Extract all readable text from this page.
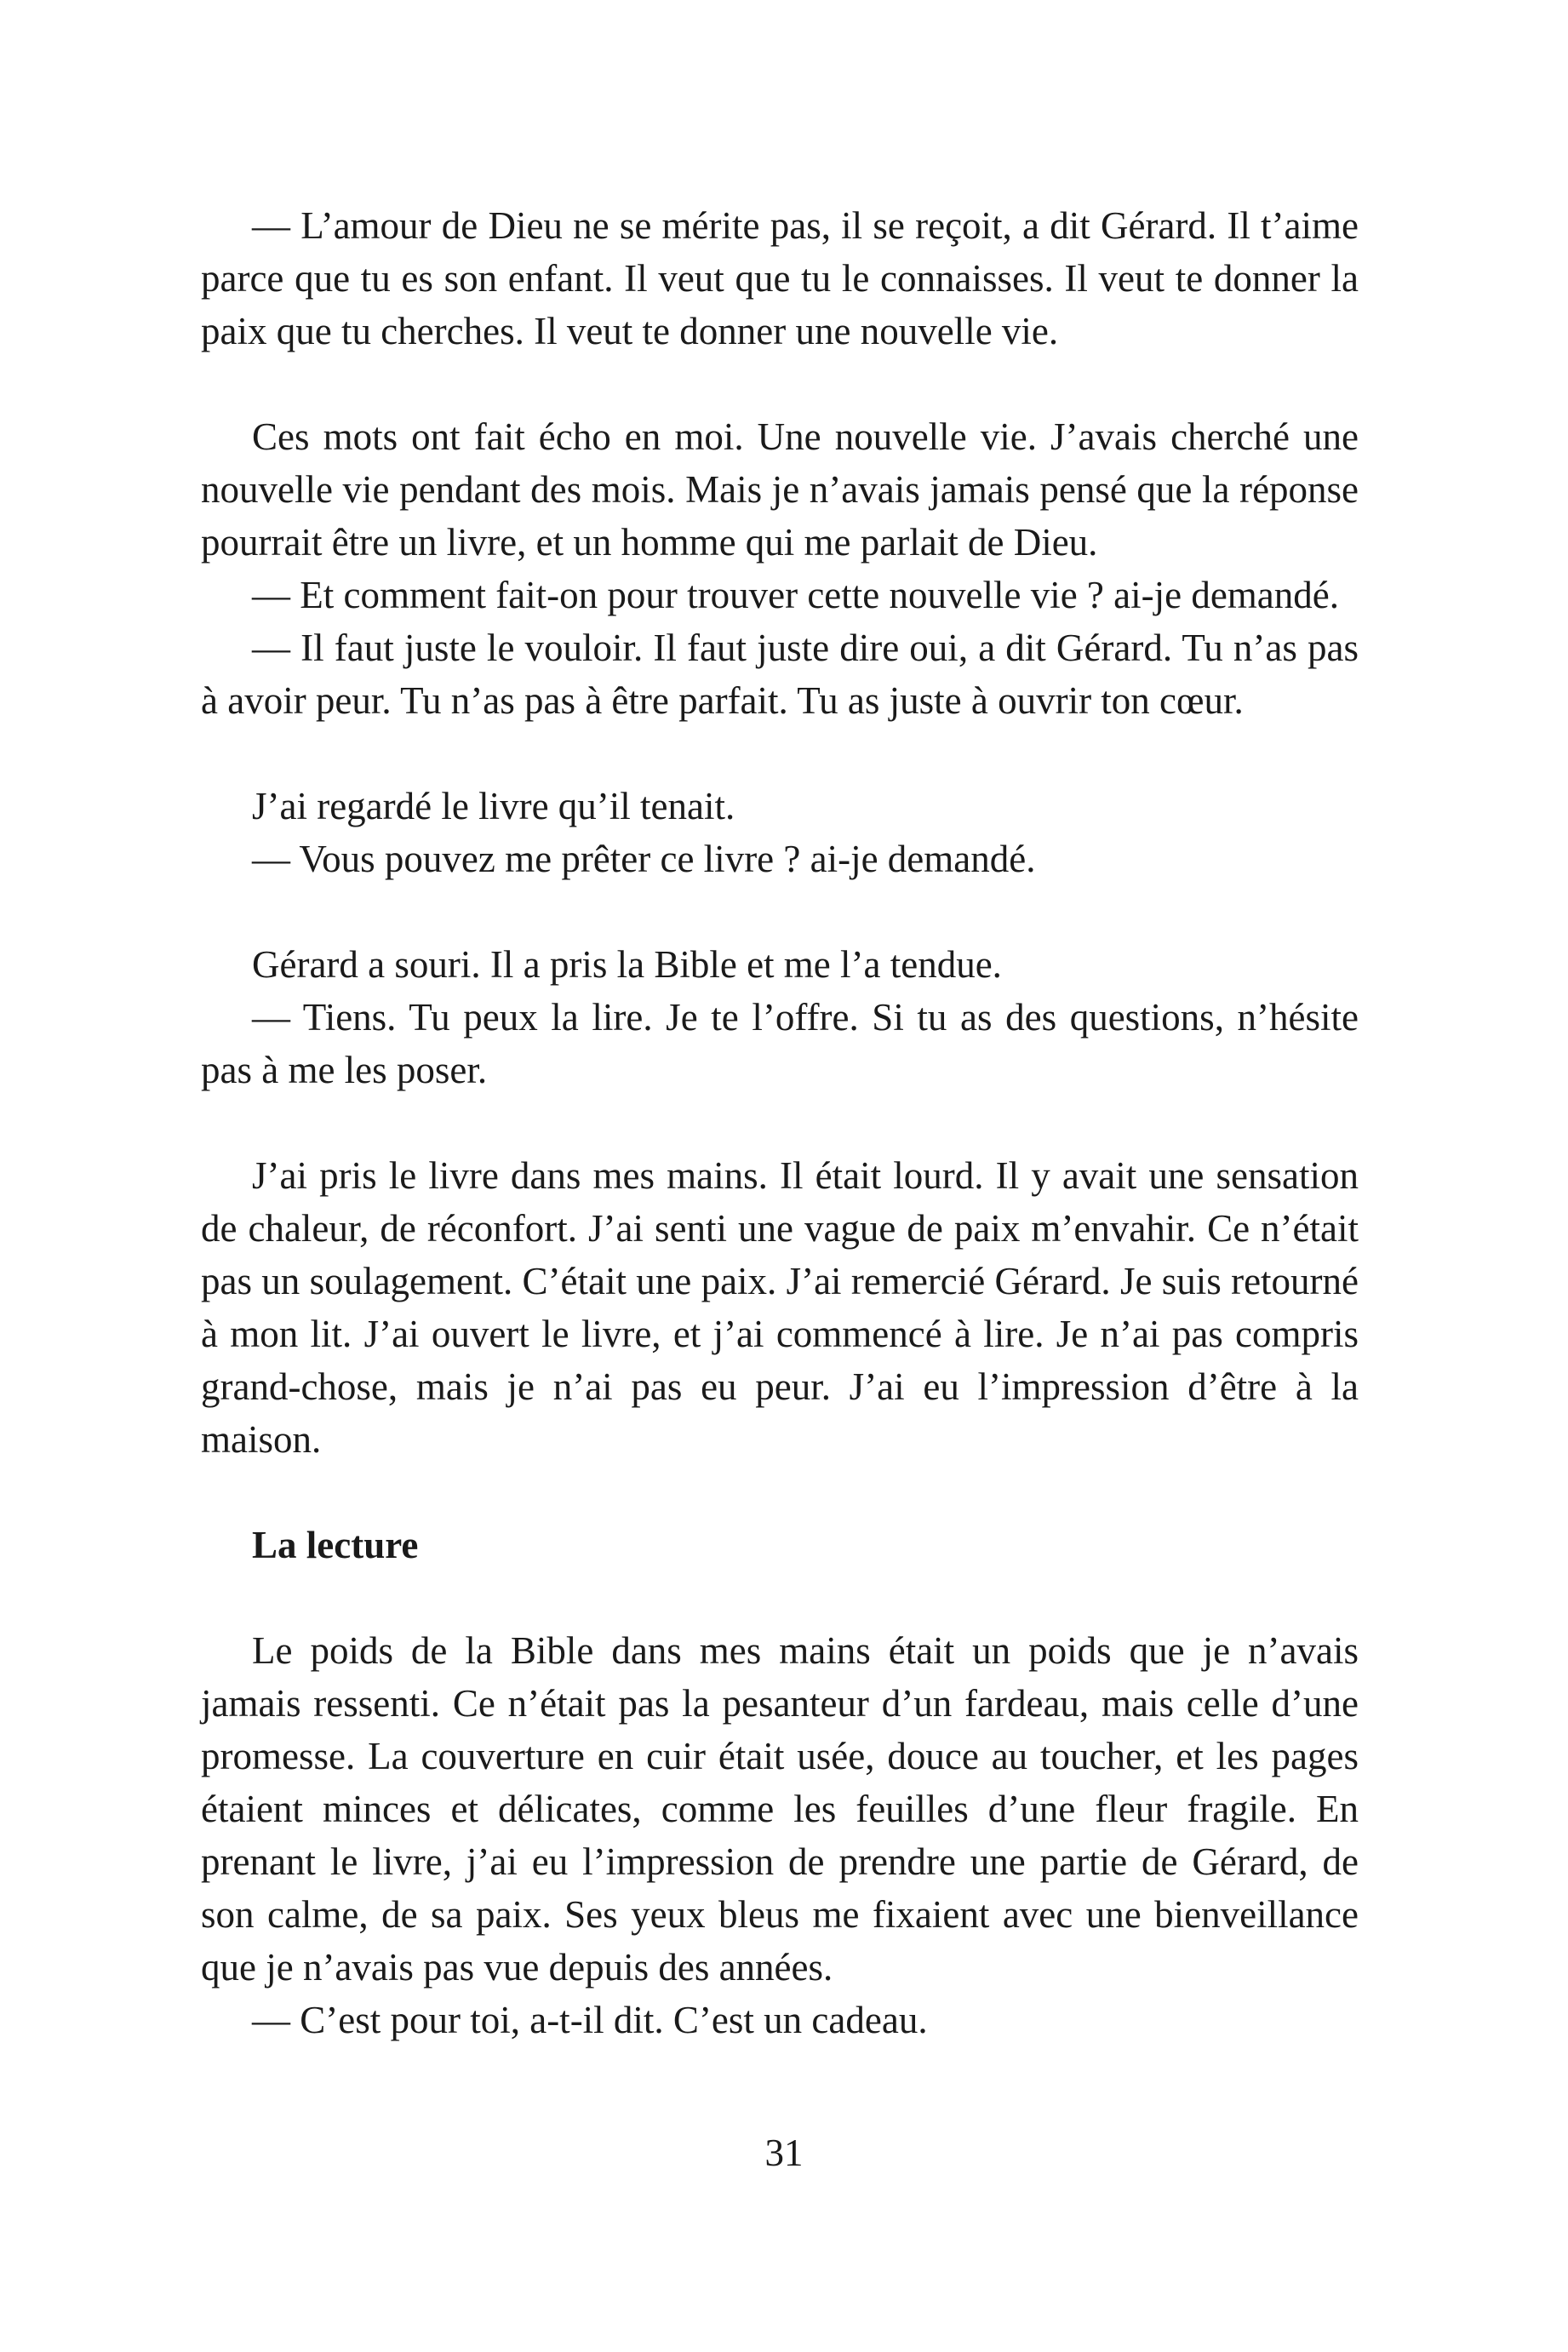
— L’amour de Dieu ne se mérite pas, il se reçoit, a dit Gérard. Il t’aime parce que tu es son enfant. Il veut que tu le connaisses. Il veut te donner la paix que tu cherches. Il veut te donner une nouvelle vie.

Ces mots ont fait écho en moi. Une nouvelle vie. J’avais cherché une nouvelle vie pendant des mois. Mais je n’avais jamais pensé que la réponse pourrait être un livre, et un homme qui me parlait de Dieu.

— Et comment fait-on pour trouver cette nouvelle vie ? ai-je demandé.

— Il faut juste le vouloir. Il faut juste dire oui, a dit Gérard. Tu n’as pas à avoir peur. Tu n’as pas à être parfait. Tu as juste à ouvrir ton cœur.

J’ai regardé le livre qu’il tenait.

— Vous pouvez me prêter ce livre ? ai-je demandé.

Gérard a souri. Il a pris la Bible et me l’a tendue.

— Tiens. Tu peux la lire. Je te l’offre. Si tu as des questions, n’hésite pas à me les poser.

J’ai pris le livre dans mes mains. Il était lourd. Il y avait une sensation de chaleur, de réconfort. J’ai senti une vague de paix m’envahir. Ce n’était pas un soulagement. C’était une paix. J’ai remercié Gérard. Je suis retourné à mon lit. J’ai ouvert le livre, et j’ai commencé à lire. Je n’ai pas compris grand-chose, mais je n’ai pas eu peur. J’ai eu l’impression d’être à la maison.

La lecture

Le poids de la Bible dans mes mains était un poids que je n’avais jamais ressenti. Ce n’était pas la pesanteur d’un fardeau, mais celle d’une promesse. La couverture en cuir était usée, douce au toucher, et les pages étaient minces et délicates, comme les feuilles d’une fleur fragile. En prenant le livre, j’ai eu l’impression de prendre une partie de Gérard, de son calme, de sa paix. Ses yeux bleus me fixaient avec une bienveillance que je n’avais pas vue depuis des années.

— C’est pour toi, a-t-il dit. C’est un cadeau.

31
